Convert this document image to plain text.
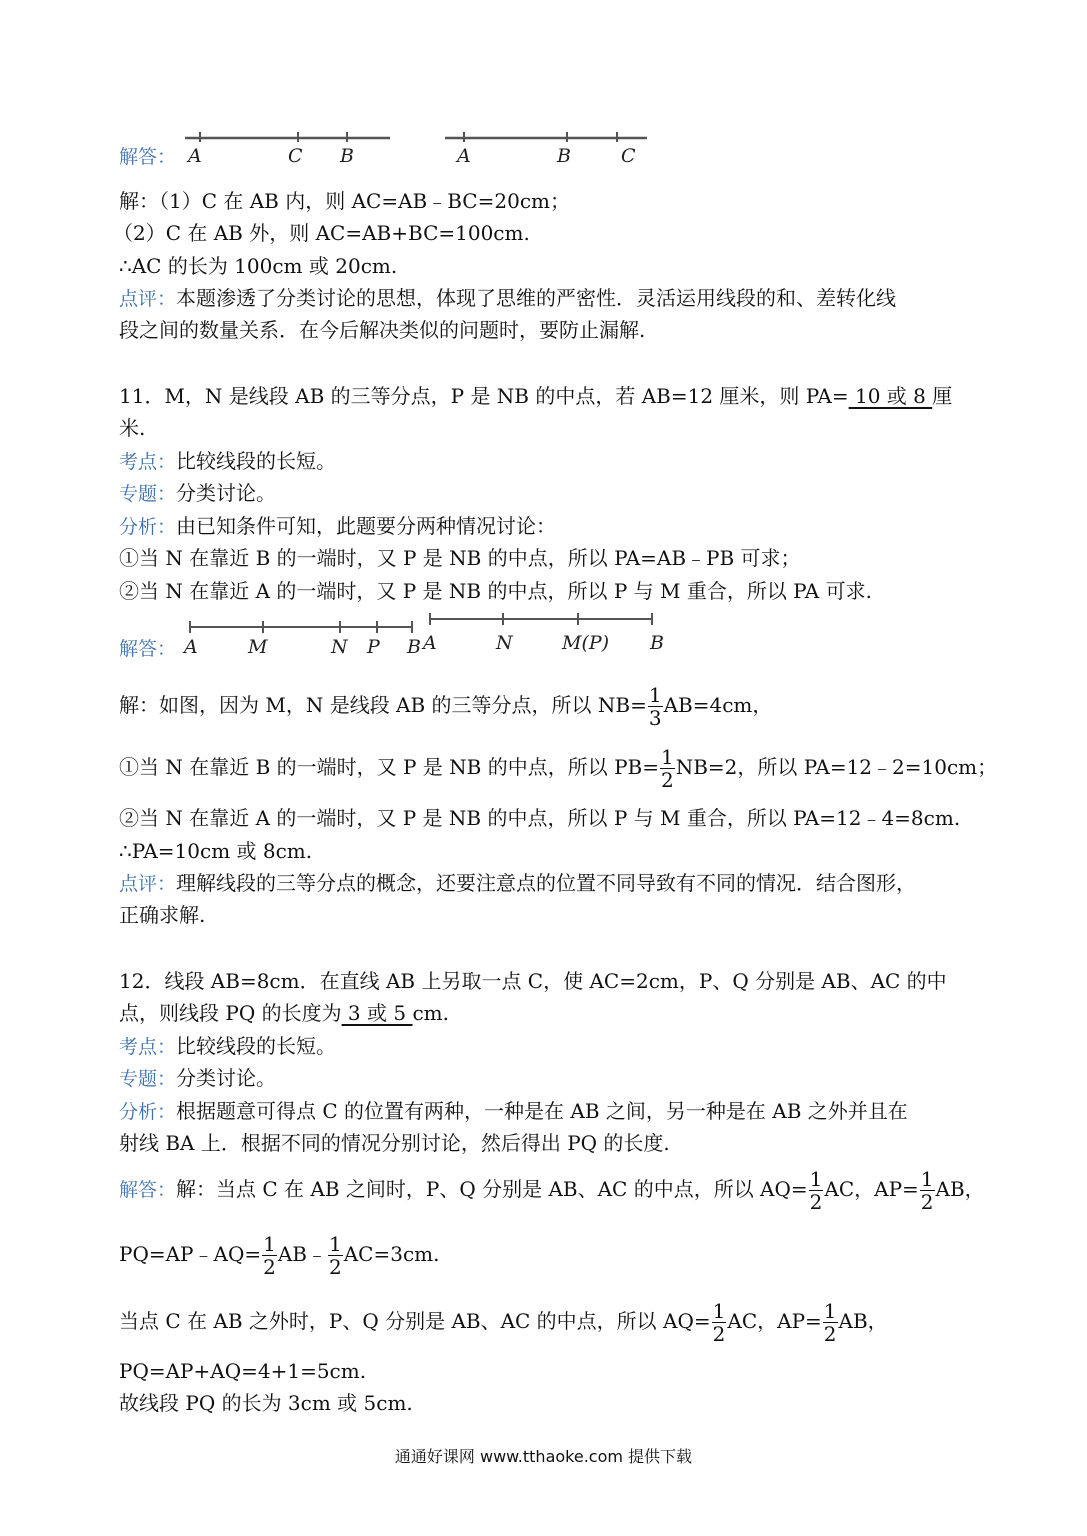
解答： A	C B	A	B	C
解：（1）C 在 AB 内，则 AC=AB﹣BC=20cm；
（2）C 在 AB 外，则 AC=AB+BC=100cm.
∴AC 的长为 100cm 或 20cm.
点评：本题渗透了分类讨论的思想，体现了思维的严密性．灵活运用线段的和、差转化线
段之间的数量关系．在今后解决类似的问题时，要防止漏解.
11．M，N 是线段 AB 的三等分点，P 是 NB 的中点，若 AB=12 厘米，则 PA= 10 或 8 厘
米.
考点：比较线段的长短。
专题：分类讨论。
分析：由已知条件可知，此题要分两种情况讨论：
①当 N 在靠近 B 的一端时，又 P 是 NB 的中点，所以 PA=AB﹣PB 可求；
②当 N 在靠近 A 的一端时，又 P 是 NB 的中点，所以 P 与 M 重合，所以 PA 可求.
解答： A	M	N P B A	N	M(P) B
解：如图，因为 M，N 是线段 AB 的三等分点，所以 $NB= \frac{1}{3} AB=4cm$，
①当 N 在靠近 B 的一端时，又 P 是 NB 的中点，所以 $PB= \frac{1}{2} NB=2$，所以 PA=12﹣2=10cm；
②当 N 在靠近 A 的一端时，又 P 是 NB 的中点，所以 P 与 M 重合，所以 PA=12﹣4=8cm.
∴PA=10cm 或 8cm.
点评：理解线段的三等分点的概念，还要注意点的位置不同导致有不同的情况．结合图形，
正确求解.
12．线段 AB=8cm．在直线 AB 上另取一点 C，使 AC=2cm，P、Q 分别是 AB、AC 的中
点，则线段 PQ 的长度为 3 或 5 cm.
考点：比较线段的长短。
专题：分类讨论。
分析：根据题意可得点 C 的位置有两种，一种是在 AB 之间，另一种是在 AB 之外并且在
射线 BA 上．根据不同的情况分别讨论，然后得出 PQ 的长度.
解答：解：当点 C 在 AB 之间时，P、Q 分别是 AB、AC 的中点，所以 $AQ= \frac{1}{2}$ AC，$AP= \frac{1}{2}$ AB，
PQ=AP﹣AQ= $\frac{1}{2}$ AB﹣ $\frac{1}{2} AC=3cm$.
当点 C 在 AB 之外时，P、Q 分别是 AB、AC 的中点，所以 $AQ= \frac{1}{2}$ AC，$AP= \frac{1}{2}$ AB，
PQ=AP+AQ=4+1=5cm.
故线段 PQ 的长为 3cm 或 5cm.
通通好课网 www.tthaoke.com 提供下载
